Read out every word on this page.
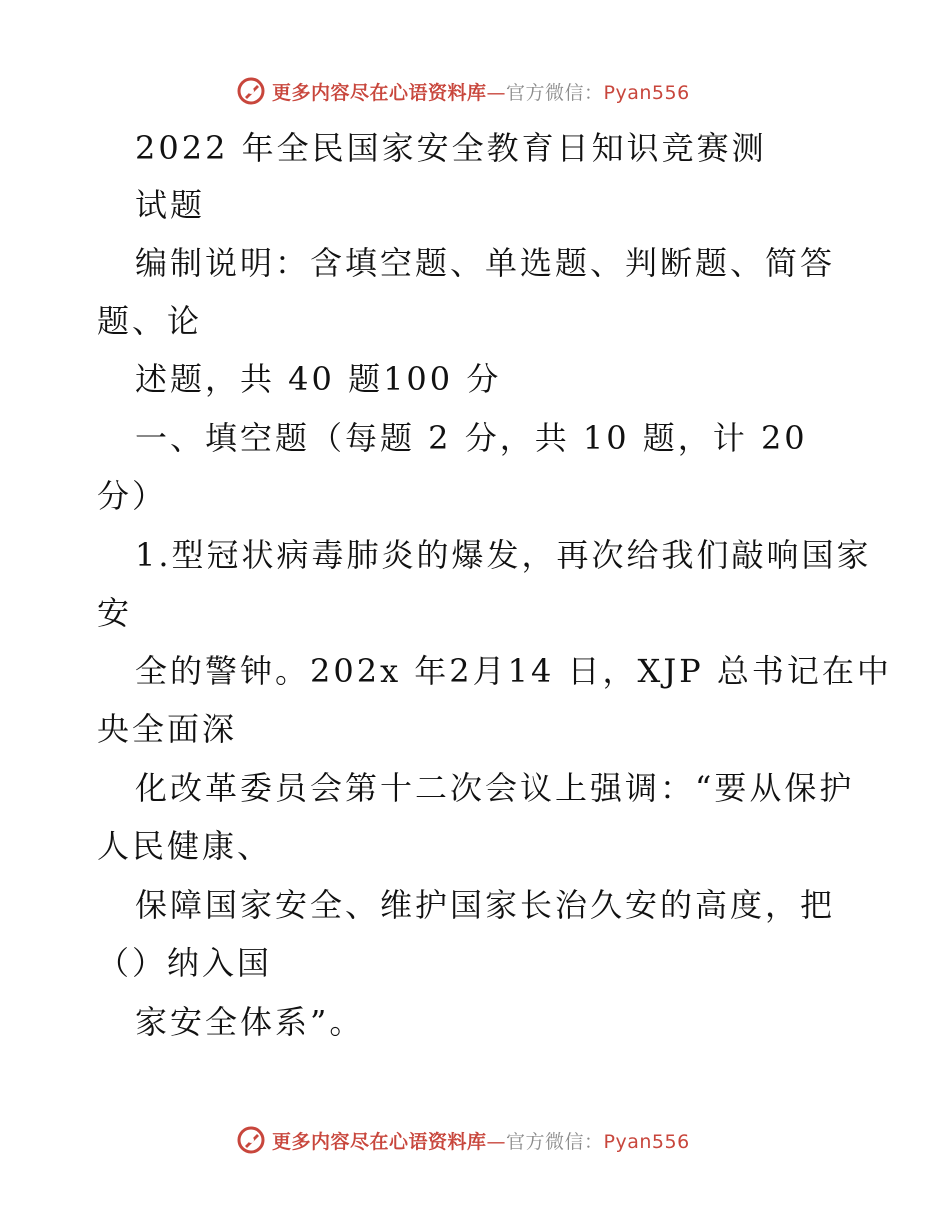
更多内容尽在心语资料库—官方微信：Pyan556
2022 年全民国家安全教育日知识竞赛测
试题
编制说明：含填空题、单选题、判断题、简答
题、论
述题，共 40 题100 分
一、填空题（每题 2 分，共 10 题，计 20
分）
1.型冠状病毒肺炎的爆发，再次给我们敲响国家
安
全的警钟。202x 年2月14 日，XJP 总书记在中
央全面深
化改革委员会第十二次会议上强调：“要从保护
人民健康、
保障国家安全、维护国家长治久安的高度，把
（）纳入国
家安全体系”。
更多内容尽在心语资料库—官方微信：Pyan556
